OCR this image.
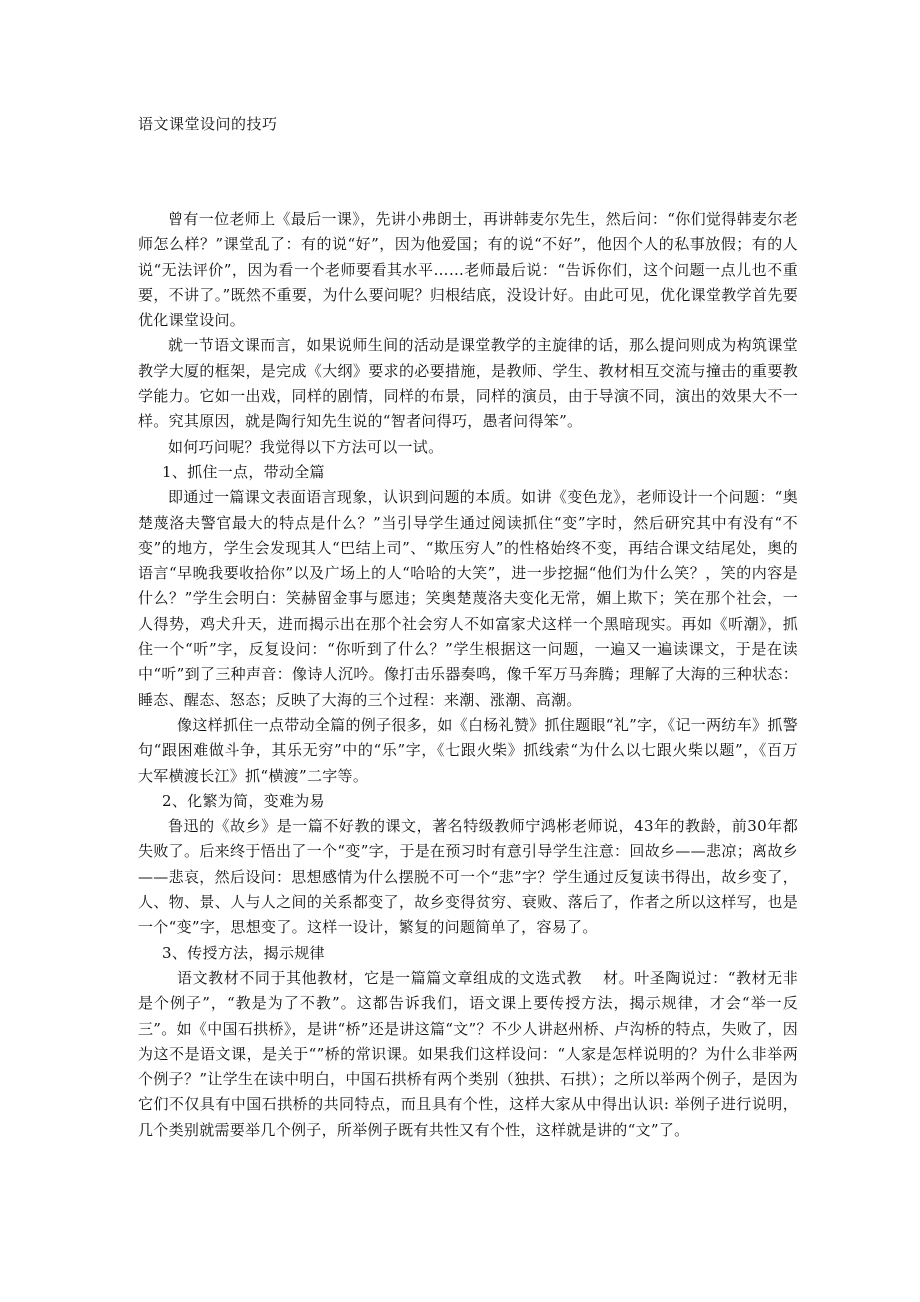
语文课堂设问的技巧

曾有一位老师上《最后一课》，先讲小弗朗士，再讲韩麦尔先生，然后问：“你们觉得韩麦尔老师怎么样？”课堂乱了：有的说“好”，因为他爱国；有的说“不好”，他因个人的私事放假；有的人说“无法评价”，因为看一个老师要看其水平……老师最后说：“告诉你们，这个问题一点儿也不重要，不讲了。”既然不重要，为什么要问呢？归根结底，没设计好。由此可见，优化课堂教学首先要优化课堂设问。

就一节语文课而言，如果说师生间的活动是课堂教学的主旋律的话，那么提问则成为构筑课堂教学大厦的框架，是完成《大纲》要求的必要措施，是教师、学生、教材相互交流与撞击的重要教学能力。它如一出戏，同样的剧情，同样的布景，同样的演员，由于导演不同，演出的效果大不一样。究其原因，就是陶行知先生说的“智者问得巧，愚者问得笨”。

如何巧问呢？我觉得以下方法可以一试。

1、抓住一点，带动全篇

即通过一篇课文表面语言现象，认识到问题的本质。如讲《变色龙》，老师设计一个问题：“奥楚蔑洛夫警官最大的特点是什么？”当引导学生通过阅读抓住“变”字时，然后研究其中有没有“不变”的地方，学生会发现其人“巴结上司”、“欺压穷人”的性格始终不变，再结合课文结尾处，奥的语言“早晚我要收拾你”以及广场上的人“哈哈的大笑”，进一步挖掘“他们为什么笑？，笑的内容是什么？”学生会明白：笑赫留金事与愿违；笑奥楚蔑洛夫变化无常，媚上欺下；笑在那个社会，一人得势，鸡犬升天，进而揭示出在那个社会穷人不如富家犬这样一个黑暗现实。再如《听潮》，抓住一个“听”字，反复设问：“你听到了什么？”学生根据这一问题，一遍又一遍读课文，于是在读中“听”到了三种声音：像诗人沉吟。像打击乐器奏鸣，像千军万马奔腾；理解了大海的三种状态：睡态、醒态、怒态；反映了大海的三个过程：来潮、涨潮、高潮。

像这样抓住一点带动全篇的例子很多，如《白杨礼赞》抓住题眼“礼”字，《记一两纺车》抓警句“跟困难做斗争，其乐无穷”中的“乐”字，《七跟火柴》抓线索“为什么以七跟火柴以题”，《百万大军横渡长江》抓“横渡”二字等。

2、化繁为简，变难为易

鲁迅的《故乡》是一篇不好教的课文，著名特级教师宁鸿彬老师说，43年的教龄，前30年都失败了。后来终于悟出了一个“变”字，于是在预习时有意引导学生注意：回故乡——悲凉；离故乡——悲哀，然后设问：思想感情为什么摆脱不可一个“悲”字？学生通过反复读书得出，故乡变了，人、物、景、人与人之间的关系都变了，故乡变得贫穷、衰败、落后了，作者之所以这样写，也是一个“变”字，思想变了。这样一设计，繁复的问题简单了，容易了。

3、传授方法，揭示规律

语文教材不同于其他教材，它是一篇篇文章组成的文选式教　 材。叶圣陶说过：“教材无非是个例子”，“教是为了不教”。这都告诉我们，语文课上要传授方法，揭示规律，才会“举一反三”。如《中国石拱桥》，是讲“桥”还是讲这篇“文”？不少人讲赵州桥、卢沟桥的特点，失败了，因为这不是语文课，是关于“”桥的常识课。如果我们这样设问：“人家是怎样说明的？为什么非举两个例子？”让学生在读中明白，中国石拱桥有两个类别（独拱、石拱）；之所以举两个例子，是因为它们不仅具有中国石拱桥的共同特点，而且具有个性，这样大家从中得出认识: 举例子进行说明，几个类别就需要举几个例子，所举例子既有共性又有个性，这样就是讲的“文”了。
